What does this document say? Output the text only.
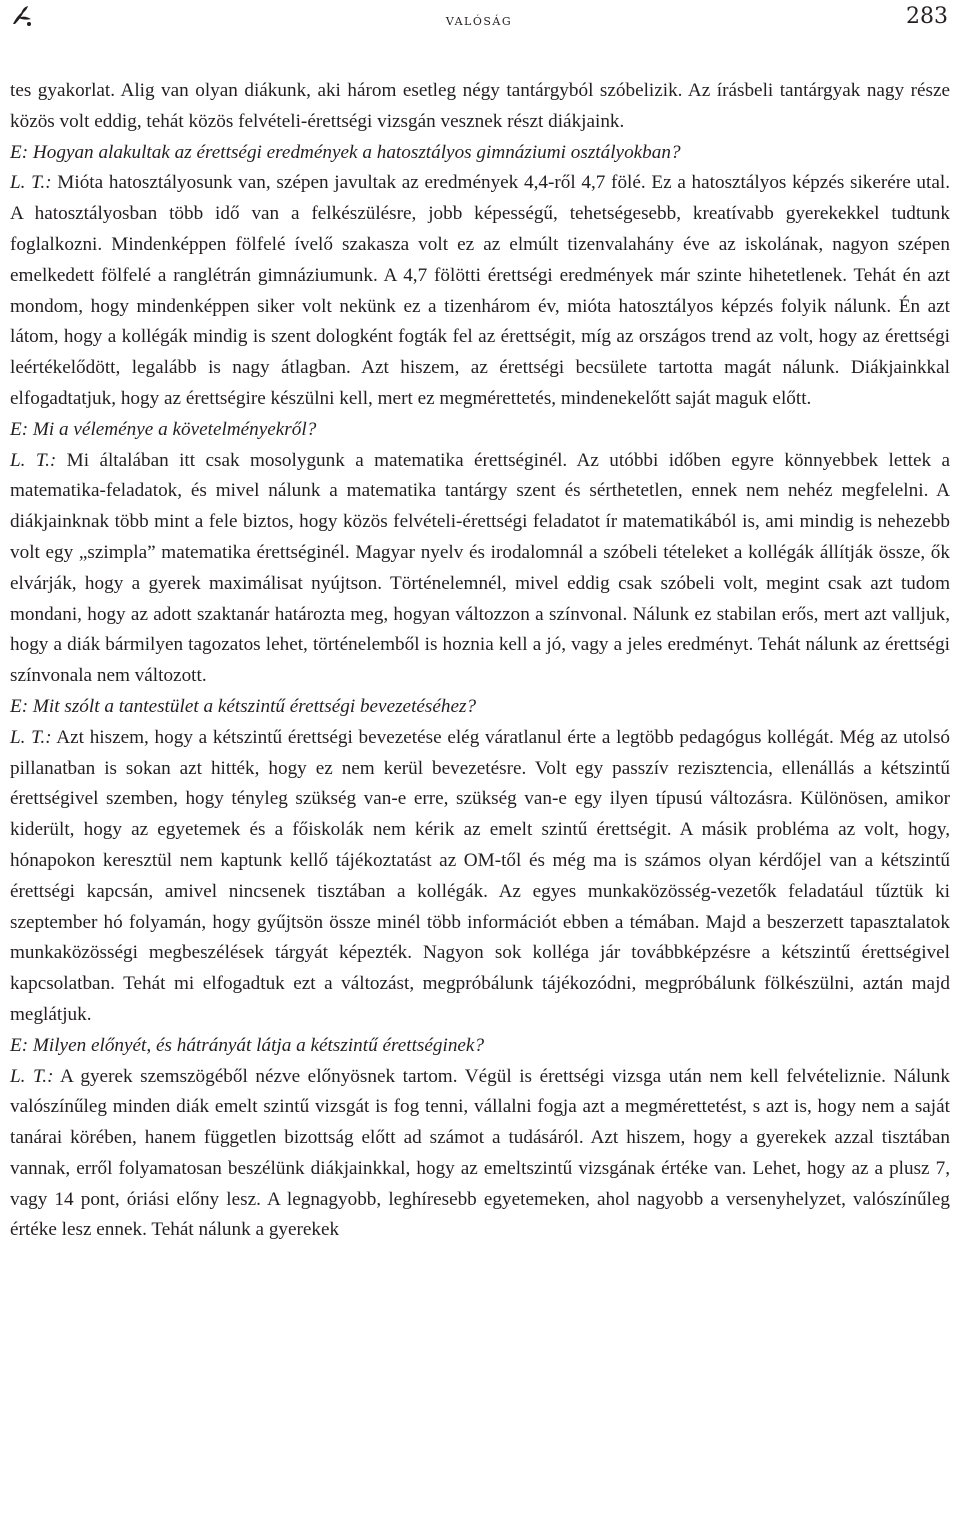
valóság	283

tes gyakorlat. Alig van olyan diákunk, aki három esetleg négy tantárgyból szóbelizik. Az írásbeli tantárgyak nagy része közös volt eddig, tehát közös felvételi-érettségi vizsgán vesznek részt diákjaink.

E: Hogyan alakultak az érettségi eredmények a hatosztályos gimnáziumi osztályokban?

L. T.: Mióta hatosztályosunk van, szépen javultak az eredmények 4,4-ről 4,7 fölé. Ez a hatosztályos képzés sikerére utal. A hatosztályosban több idő van a felkészülésre, jobb képességű, tehetségesebb, kreatívabb gyerekekkel tudtunk foglalkozni. Mindenképpen fölfelé ívelő szakasza volt ez az elmúlt tizenvalahány éve az iskolának, nagyon szépen emelkedett fölfelé a ranglétrán gimnáziumunk. A 4,7 fölötti érettségi eredmények már szinte hihetetlenek. Tehát én azt mondom, hogy mindenképpen siker volt nekünk ez a tizenhárom év, mióta hatosztályos képzés folyik nálunk. Én azt látom, hogy a kollégák mindig is szent dologként fogták fel az érettségit, míg az országos trend az volt, hogy az érettségi leértékelődött, legalább is nagy átlagban. Azt hiszem, az érettségi becsülete tartotta magát nálunk. Diákjainkkal elfogadtatjuk, hogy az érettségire készülni kell, mert ez megmérettetés, mindenekelőtt saját maguk előtt.

E: Mi a véleménye a követelményekről?

L. T.: Mi általában itt csak mosolygunk a matematika érettséginél. Az utóbbi időben egyre könnyebbek lettek a matematika-feladatok, és mivel nálunk a matematika tantárgy szent és sérthetetlen, ennek nem nehéz megfelelni. A diákjainknak több mint a fele biztos, hogy közös felvételi-érettségi feladatot ír matematikából is, ami mindig is nehezebb volt egy „szimpla” matematika érettséginél. Magyar nyelv és irodalomnál a szóbeli tételeket a kollégák állítják össze, ők elvárják, hogy a gyerek maximálisat nyújtson. Történelemnél, mivel eddig csak szóbeli volt, megint csak azt tudom mondani, hogy az adott szaktanár határozta meg, hogyan változzon a színvonal. Nálunk ez stabilan erős, mert azt valljuk, hogy a diák bármilyen tagozatos lehet, történelemből is hoznia kell a jó, vagy a jeles eredményt. Tehát nálunk az érettségi színvonala nem változott.

E: Mit szólt a tantestület a kétszintű érettségi bevezetéséhez?

L. T.: Azt hiszem, hogy a kétszintű érettségi bevezetése elég váratlanul érte a legtöbb pedagógus kollégát. Még az utolsó pillanatban is sokan azt hitték, hogy ez nem kerül bevezetésre. Volt egy passzív rezisztencia, ellenállás a kétszintű érettségivel szemben, hogy tényleg szükség van-e erre, szükség van-e egy ilyen típusú változásra. Különösen, amikor kiderült, hogy az egyetemek és a főiskolák nem kérik az emelt szintű érettségit. A másik probléma az volt, hogy, hónapokon keresztül nem kaptunk kellő tájékoztatást az OM-től és még ma is számos olyan kérdőjel van a kétszintű érettségi kapcsán, amivel nincsenek tisztában a kollégák. Az egyes munkaközösség-vezetők feladatául tűztük ki szeptember hó folyamán, hogy gyűjtsön össze minél több információt ebben a témában. Majd a beszerzett tapasztalatok munkaközösségi megbeszélések tárgyát képezték. Nagyon sok kolléga jár továbbképzésre a kétszintű érettségivel kapcsolatban. Tehát mi elfogadtuk ezt a változást, megpróbálunk tájékozódni, megpróbálunk fölkészülni, aztán majd meglátjuk.

E: Milyen előnyét, és hátrányát látja a kétszintű érettséginek?

L. T.: A gyerek szemszögéből nézve előnyösnek tartom. Végül is érettségi vizsga után nem kell felvételiznie. Nálunk valószínűleg minden diák emelt szintű vizsgát is fog tenni, vállalni fogja azt a megmérettetést, s azt is, hogy nem a saját tanárai körében, hanem független bizottság előtt ad számot a tudásáról. Azt hiszem, hogy a gyerekek azzal tisztában vannak, erről folyamatosan beszélünk diákjainkkal, hogy az emeltszintű vizsgának értéke van. Lehet, hogy az a plusz 7, vagy 14 pont, óriási előny lesz. A legnagyobb, leghíresebb egyetemeken, ahol nagyobb a versenyhelyzet, valószínűleg értéke lesz ennek. Tehát nálunk a gyerekek
